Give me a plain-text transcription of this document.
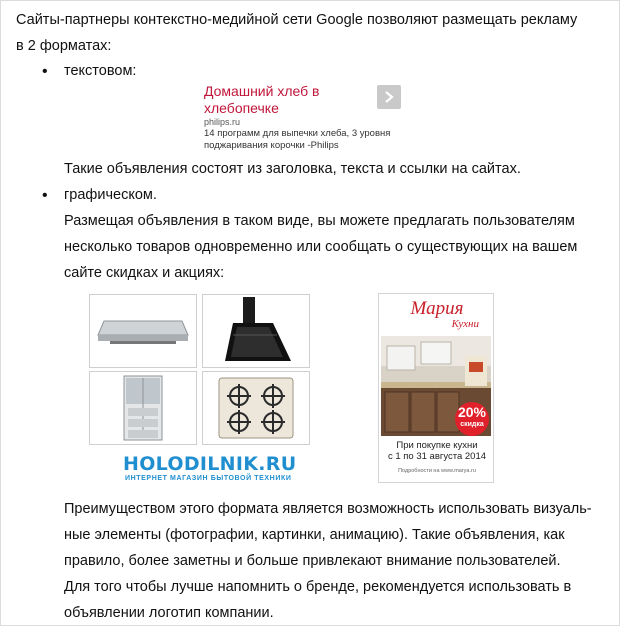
Сайты-партнеры контекстно-медийной сети Google позволяют размещать рекламу
в 2 форматах:
• текстовом:
Домашний хлеб в хлебопечке
philips.ru
14 программ для выпечки хлеба, 3 уровня поджаривания корочки -Philips
Такие объявления состоят из заголовка, текста и ссылки на сайтах.
• графическом.
Размещая объявления в таком виде, вы можете предлагать пользователям
несколько товаров одновременно или сообщать о существующих на вашем
сайте скидках и акциях:
HOLODILNIK.RU
ИНТЕРНЕТ МАГАЗИН БЫТОВОЙ ТЕХНИКИ
Мария
Кухни
20%
скидка
При покупке кухни
с 1 по 31 августа 2014
Подробности на www.marya.ru
Преимуществом этого формата является возможность использовать визуаль-
ные элементы (фотографии, картинки, анимацию). Такие объявления, как
правило, более заметны и больше привлекают внимание пользователей.
Для того чтобы лучше напомнить о бренде, рекомендуется использовать в
объявлении логотип компании.
